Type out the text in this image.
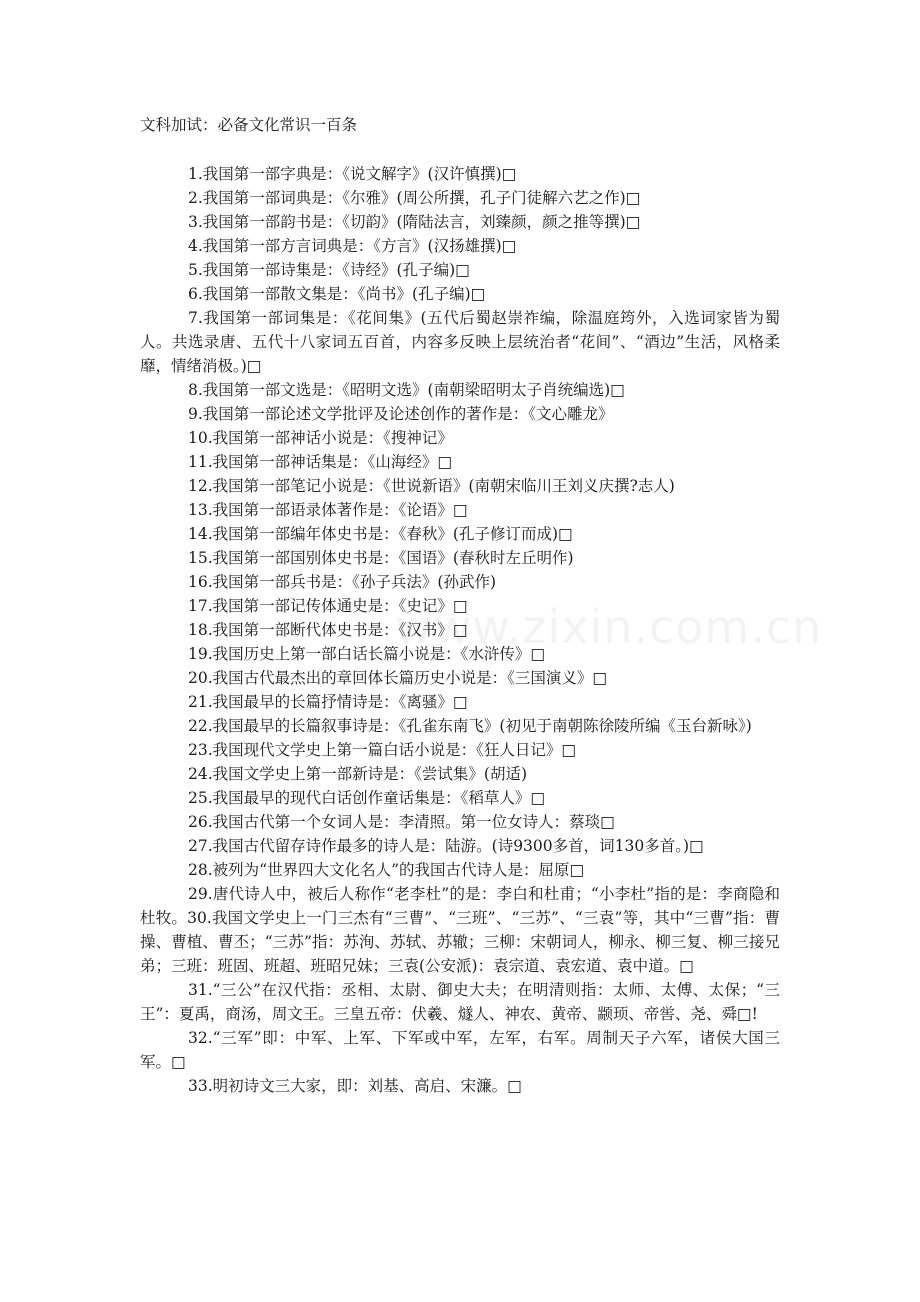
文科加试：必备文化常识一百条

1.我国第一部字典是：《说文解字》(汉许慎撰)□

2.我国第一部词典是：《尔雅》(周公所撰，孔子门徒解六艺之作)□

3.我国第一部韵书是：《切韵》(隋陆法言，刘臻颜，颜之推等撰)□

4.我国第一部方言词典是：《方言》(汉扬雄撰)□

5.我国第一部诗集是：《诗经》(孔子编)□

6.我国第一部散文集是：《尚书》(孔子编)□

7.我国第一部词集是：《花间集》(五代后蜀赵崇祚编，除温庭筠外，入选词家皆为蜀人。共选录唐、五代十八家词五百首，内容多反映上层统治者“花间”、“酒边”生活，风格柔靡，情绪消极。)□

8.我国第一部文选是：《昭明文选》(南朝梁昭明太子肖统编选)□

9.我国第一部论述文学批评及论述创作的著作是：《文心雕龙》

10.我国第一部神话小说是：《搜神记》

11.我国第一部神话集是：《山海经》□

12.我国第一部笔记小说是：《世说新语》(南朝宋临川王刘义庆撰?志人)

13.我国第一部语录体著作是：《论语》□

14.我国第一部编年体史书是：《春秋》(孔子修订而成)□

15.我国第一部国别体史书是：《国语》(春秋时左丘明作)

16.我国第一部兵书是：《孙子兵法》(孙武作)

17.我国第一部记传体通史是：《史记》□

18.我国第一部断代体史书是：《汉书》□

19.我国历史上第一部白话长篇小说是：《水浒传》□

20.我国古代最杰出的章回体长篇历史小说是：《三国演义》□

21.我国最早的长篇抒情诗是：《离骚》□

22.我国最早的长篇叙事诗是：《孔雀东南飞》(初见于南朝陈徐陵所编《玉台新咏》)

23.我国现代文学史上第一篇白话小说是：《狂人日记》□

24.我国文学史上第一部新诗是：《尝试集》(胡适)

25.我国最早的现代白话创作童话集是：《稻草人》□

26.我国古代第一个女词人是：李清照。第一位女诗人：蔡琰□

27.我国古代留存诗作最多的诗人是：陆游。(诗9300多首，词130多首。)□

28.被列为“世界四大文化名人”的我国古代诗人是：屈原□

29.唐代诗人中，被后人称作“老李杜”的是：李白和杜甫；“小李杜”指的是：李商隐和杜牧。30.我国文学史上一门三杰有“三曹”、“三班”、“三苏”、“三袁”等，其中“三曹”指：曹操、曹植、曹丕；“三苏”指：苏洵、苏轼、苏辙；三柳：宋朝词人，柳永、柳三复、柳三接兄弟；三班：班固、班超、班昭兄妹；三袁(公安派)：袁宗道、袁宏道、袁中道。□

31.“三公”在汉代指：丞相、太尉、御史大夫；在明清则指：太师、太傅、太保；“三王”：夏禹，商汤，周文王。三皇五帝：伏羲、燧人、神农、黄帝、颛顼、帝喾、尧、舜□!

32.“三军”即：中军、上军、下军或中军，左军，右军。周制天子六军，诸侯大国三军。□

33.明初诗文三大家，即：刘基、高启、宋濂。□
